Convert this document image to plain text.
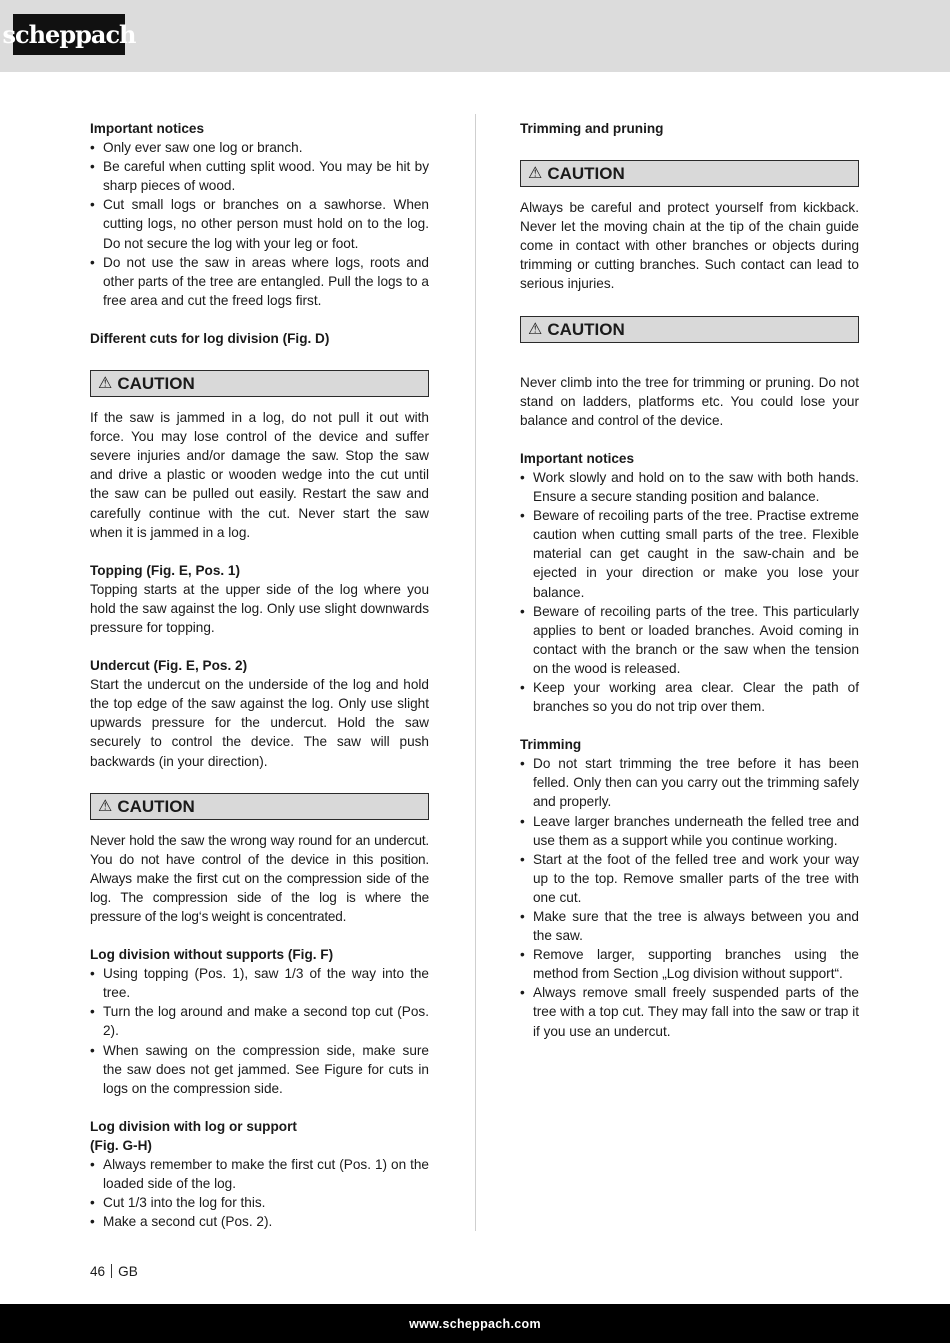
scheppach

Important notices

• Only ever saw one log or branch.
• Be careful when cutting split wood. You may be hit by sharp pieces of wood.
• Cut small logs or branches on a sawhorse. When cutting logs, no other person must hold on to the log. Do not secure the log with your leg or foot.
• Do not use the saw in areas where logs, roots and other parts of the tree are entangled. Pull the logs to a free area and cut the freed logs first.

Different cuts for log division (Fig. D)

⚠ CAUTION

If the saw is jammed in a log, do not pull it out with force. You may lose control of the device and suffer severe injuries and/or damage the saw. Stop the saw and drive a plastic or wooden wedge into the cut until the saw can be pulled out easily. Restart the saw and carefully continue with the cut. Never start the saw when it is jammed in a log.

Topping (Fig. E, Pos. 1)

Topping starts at the upper side of the log where you hold the saw against the log. Only use slight downwards pressure for topping.

Undercut (Fig. E, Pos. 2)

Start the undercut on the underside of the log and hold the top edge of the saw against the log. Only use slight upwards pressure for the undercut. Hold the saw securely to control the device. The saw will push backwards (in your direction).

⚠ CAUTION

Never hold the saw the wrong way round for an undercut. You do not have control of the device in this position. Always make the first cut on the compression side of the log. The compression side of the log is where the pressure of the log‘s weight is concentrated.

Log division without supports (Fig. F)

• Using topping (Pos. 1), saw 1/3 of the way into the tree.
• Turn the log around and make a second top cut (Pos. 2).
• When sawing on the compression side, make sure the saw does not get jammed. See Figure for cuts in logs on the compression side.

Log division with log or support

(Fig. G-H)

• Always remember to make the first cut (Pos. 1) on the loaded side of the log.
• Cut 1/3 into the log for this.
• Make a second cut (Pos. 2).

Trimming and pruning

⚠ CAUTION

Always be careful and protect yourself from kickback. Never let the moving chain at the tip of the chain guide come in contact with other branches or objects during trimming or cutting branches. Such contact can lead to serious injuries.

⚠ CAUTION

Never climb into the tree for trimming or pruning. Do not stand on ladders, platforms etc. You could lose your balance and control of the device.

Important notices

• Work slowly and hold on to the saw with both hands. Ensure a secure standing position and balance.
• Beware of recoiling parts of the tree. Practise extreme caution when cutting small parts of the tree. Flexible material can get caught in the saw-chain and be ejected in your direction or make you lose your balance.
• Beware of recoiling parts of the tree. This particularly applies to bent or loaded branches. Avoid coming in contact with the branch or the saw when the tension on the wood is released.
• Keep your working area clear. Clear the path of branches so you do not trip over them.

Trimming

• Do not start trimming the tree before it has been felled. Only then can you carry out the trimming safely and properly.
• Leave larger branches underneath the felled tree and use them as a support while you continue working.
• Start at the foot of the felled tree and work your way up to the top. Remove smaller parts of the tree with one cut.
• Make sure that the tree is always between you and the saw.
• Remove larger, supporting branches using the method from Section „Log division without support“.
• Always remove small freely suspended parts of the tree with a top cut. They may fall into the saw or trap it if you use an undercut.
46 GB
www.scheppach.com
